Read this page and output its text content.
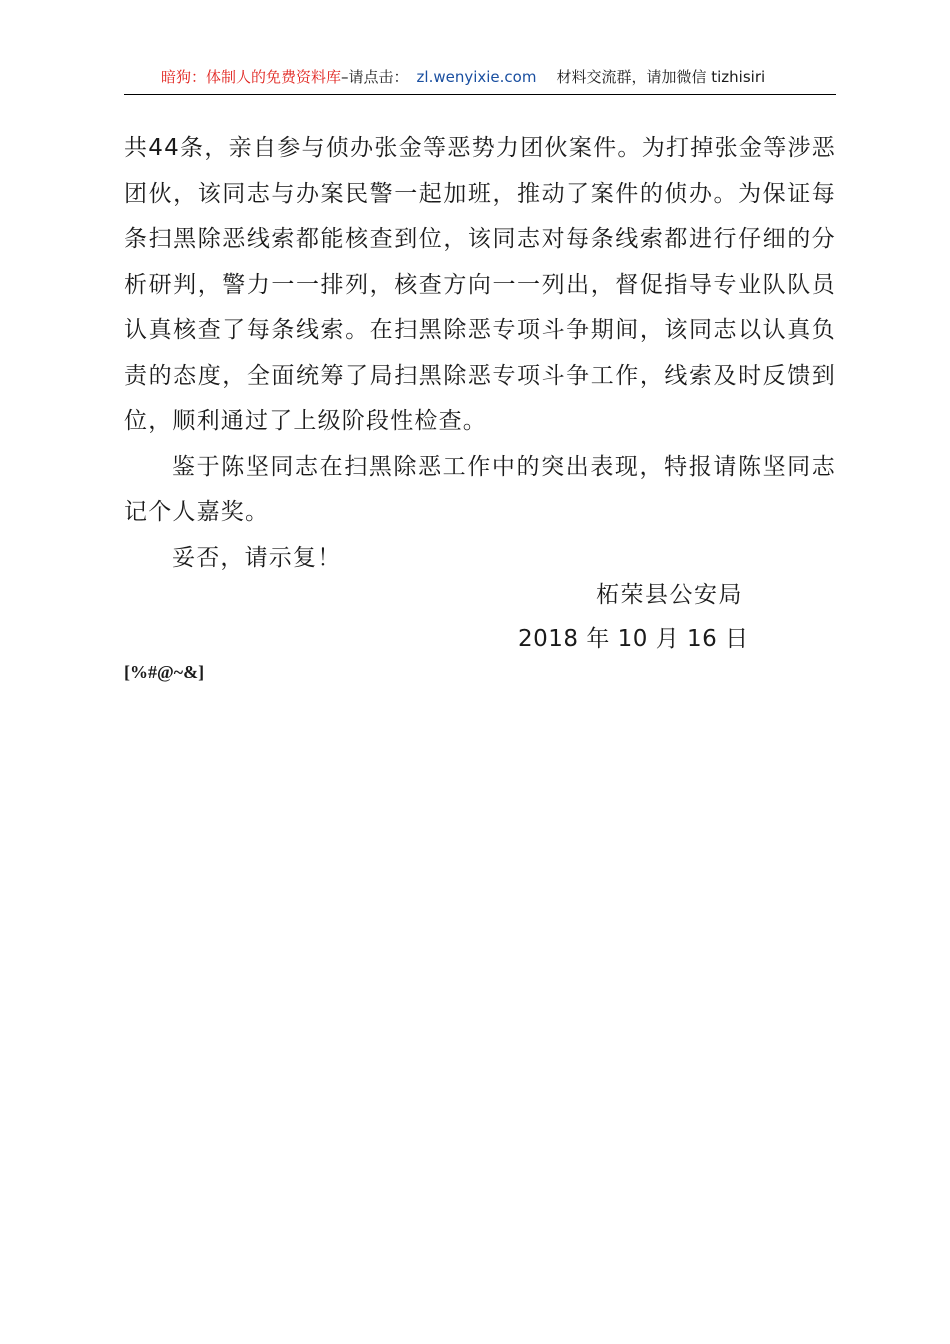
暗狗：体制人的免费资料库 –请点击： zl.wenyixie.com 材料交流群，请加微信 tizhisiri

共44条，亲自参与侦办张金等恶势力团伙案件。为打掉张金等涉恶团伙，该同志与办案民警一起加班，推动了案件的侦办。为保证每条扫黑除恶线索都能核查到位，该同志对每条线索都进行仔细的分析研判，警力一一排列，核查方向一一列出，督促指导专业队队员认真核查了每条线索。在扫黑除恶专项斗争期间，该同志以认真负责的态度，全面统筹了局扫黑除恶专项斗争工作，线索及时反馈到位，顺利通过了上级阶段性检查。

鉴于陈坚同志在扫黑除恶工作中的突出表现，特报请陈坚同志记个人嘉奖。

妥否，请示复！

柘荣县公安局
2018 年 10 月 16 日
[%#@~&]
